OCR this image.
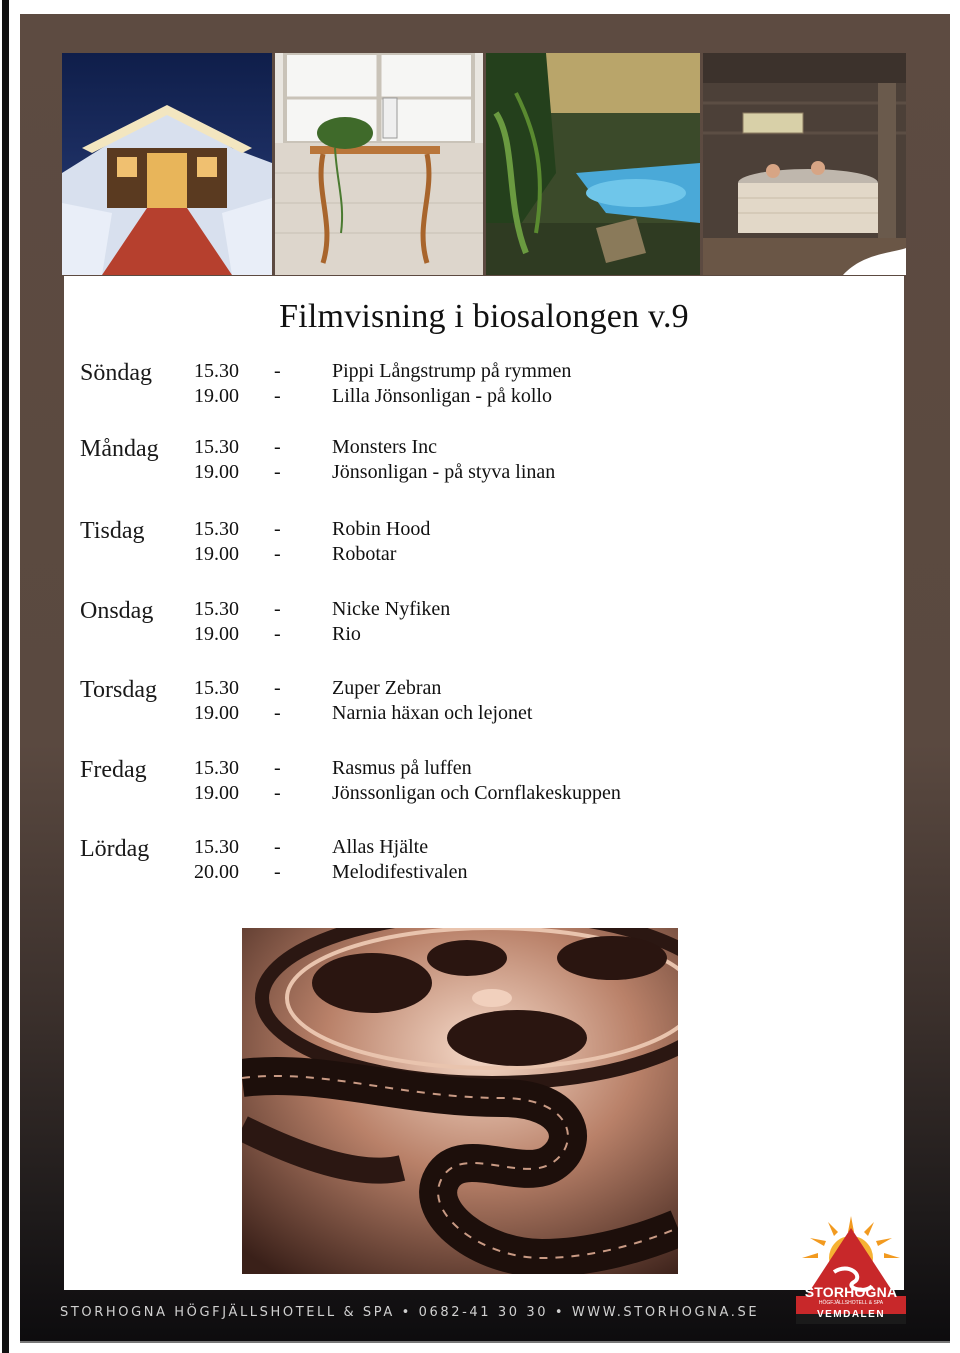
Filmvisning i biosalongen v.9
Söndag 15.30 -	Pippi Långstrump på rymmen
19.00 -	Lilla Jönsonligan - på kollo
Måndag 15.30 -	Monsters Inc
19.00 -	Jönsonligan - på styva linan
Tisdag 15.30 -	Robin Hood
19.00 -	Robotar
Onsdag 15.30 -	Nicke Nyfiken
19.00 -	Rio
Torsdag 15.30 -	Zuper Zebran
19.00 -	Narnia häxan och lejonet
Fredag 15.30 -	Rasmus på luffen
19.00 -	Jönssonligan och Cornflakeskuppen
Lördag 15.30 -	Allas Hjälte
20.00 -	Melodifestivalen
STORHOGNA
HÖGFJÄLLSHOTELL & SPA
VEMDALEN
STORHOGNA HÖGFJÄLLSHOTELL & SPA • 0682-41 30 30 • WWW.STORHOGNA.SE
